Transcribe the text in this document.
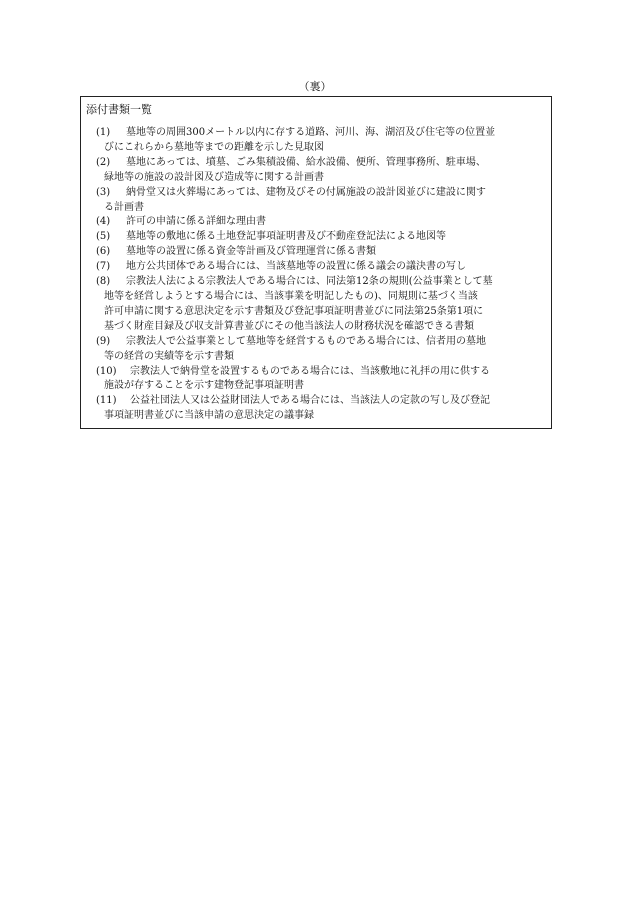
（裏）
添付書類一覧
(1)	墓地等の周囲300メートル以内に存する道路、河川、海、湖沼及び住宅等の位置並
びにこれらから墓地等までの距離を示した見取図
(2)	墓地にあっては、墳墓、ごみ集積設備、給水設備、便所、管理事務所、駐車場、
緑地等の施設の設計図及び造成等に関する計画書
(3)	納骨堂又は火葬場にあっては、建物及びその付属施設の設計図並びに建設に関す
る計画書
(4)	許可の申請に係る詳細な理由書
(5)	墓地等の敷地に係る土地登記事項証明書及び不動産登記法による地図等
(6)	墓地等の設置に係る資金等計画及び管理運営に係る書類
(7)	地方公共団体である場合には、当該墓地等の設置に係る議会の議決書の写し
(8)	宗教法人法による宗教法人である場合には、同法第12条の規則(公益事業として墓
地等を経営しようとする場合には、当該事業を明記したもの)、同規則に基づく当該
許可申請に関する意思決定を示す書類及び登記事項証明書並びに同法第25条第1項に
基づく財産目録及び収支計算書並びにその他当該法人の財務状況を確認できる書類
(9)	宗教法人で公益事業として墓地等を経営するものである場合には、信者用の墓地
等の経営の実績等を示す書類
(10)	宗教法人で納骨堂を設置するものである場合には、当該敷地に礼拝の用に供する
施設が存することを示す建物登記事項証明書
(11)	公益社団法人又は公益財団法人である場合には、当該法人の定款の写し及び登記
事項証明書並びに当該申請の意思決定の議事録
